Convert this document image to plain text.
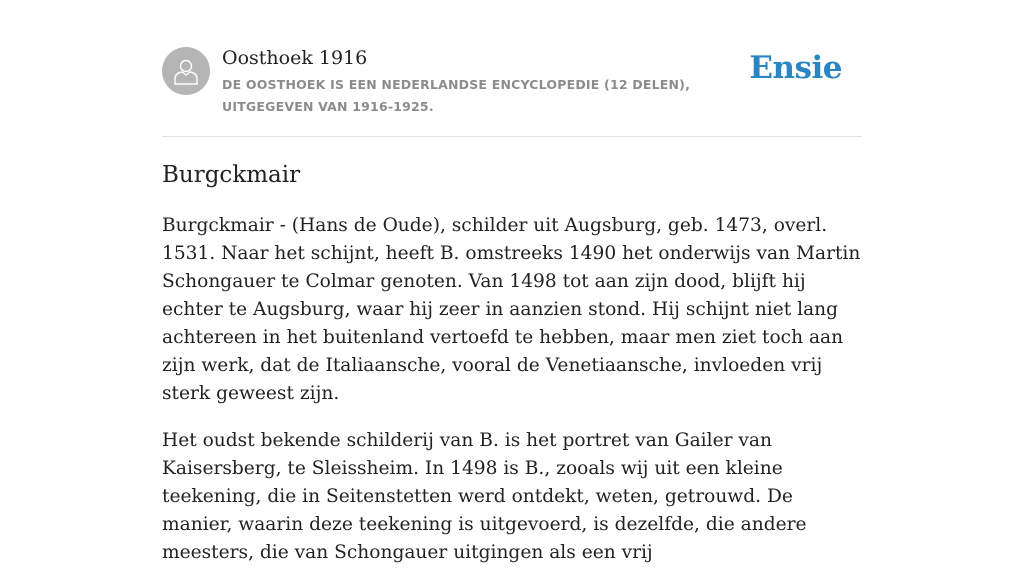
Oosthoek 1916
DE OOSTHOEK IS EEN NEDERLANDSE ENCYCLOPEDIE (12 DELEN), UITGEGEVEN VAN 1916-1925.
Ensie
Burgckmair

Burgckmair - (Hans de Oude), schilder uit Augsburg, geb. 1473, overl. 1531. Naar het schijnt, heeft B. omstreeks 1490 het onderwijs van Martin Schongauer te Colmar genoten. Van 1498 tot aan zijn dood, blijft hij echter te Augsburg, waar hij zeer in aanzien stond. Hij schijnt niet lang achtereen in het buitenland vertoefd te hebben, maar men ziet toch aan zijn werk, dat de Italiaansche, vooral de Venetiaansche, invloeden vrij sterk geweest zijn.

Het oudst bekende schilderij van B. is het portret van Gailer van Kaisersberg, te Sleissheim. In 1498 is B., zooals wij uit een kleine teekening, die in Seitenstetten werd ontdekt, weten, getrouwd. De manier, waarin deze teekening is uitgevoerd, is dezelfde, die andere meesters, die van Schongauer uitgingen als een vrij
